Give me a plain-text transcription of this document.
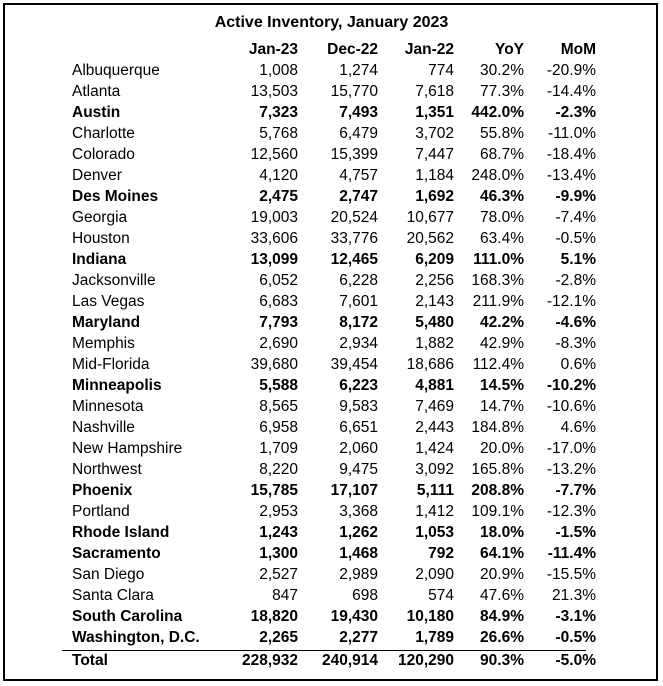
Active Inventory, January 2023
	Jan-23	Dec-22	Jan-22	YoY	MoM
Albuquerque	1,008	1,274	774	30.2%	-20.9%
Atlanta	13,503	15,770	7,618	77.3%	-14.4%
Austin	7,323	7,493	1,351	442.0%	-2.3%
Charlotte	5,768	6,479	3,702	55.8%	-11.0%
Colorado	12,560	15,399	7,447	68.7%	-18.4%
Denver	4,120	4,757	1,184	248.0%	-13.4%
Des Moines	2,475	2,747	1,692	46.3%	-9.9%
Georgia	19,003	20,524	10,677	78.0%	-7.4%
Houston	33,606	33,776	20,562	63.4%	-0.5%
Indiana	13,099	12,465	6,209	111.0%	5.1%
Jacksonville	6,052	6,228	2,256	168.3%	-2.8%
Las Vegas	6,683	7,601	2,143	211.9%	-12.1%
Maryland	7,793	8,172	5,480	42.2%	-4.6%
Memphis	2,690	2,934	1,882	42.9%	-8.3%
Mid-Florida	39,680	39,454	18,686	112.4%	0.6%
Minneapolis	5,588	6,223	4,881	14.5%	-10.2%
Minnesota	8,565	9,583	7,469	14.7%	-10.6%
Nashville	6,958	6,651	2,443	184.8%	4.6%
New Hampshire	1,709	2,060	1,424	20.0%	-17.0%
Northwest	8,220	9,475	3,092	165.8%	-13.2%
Phoenix	15,785	17,107	5,111	208.8%	-7.7%
Portland	2,953	3,368	1,412	109.1%	-12.3%
Rhode Island	1,243	1,262	1,053	18.0%	-1.5%
Sacramento	1,300	1,468	792	64.1%	-11.4%
San Diego	2,527	2,989	2,090	20.9%	-15.5%
Santa Clara	847	698	574	47.6%	21.3%
South Carolina	18,820	19,430	10,180	84.9%	-3.1%
Washington, D.C.	2,265	2,277	1,789	26.6%	-0.5%
Total	228,932	240,914	120,290	90.3%	-5.0%
